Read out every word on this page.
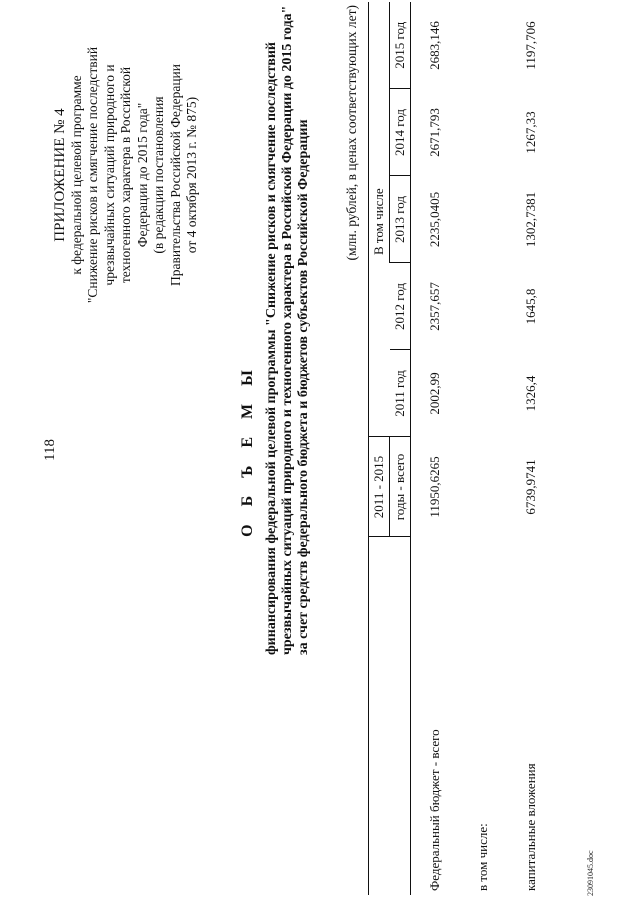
118
ПРИЛОЖЕНИЕ № 4 к федеральной целевой программе "Снижение рисков и смягчение последствий чрезвычайных ситуаций природного и техногенного характера в Российской Федерации до 2015 года" (в редакции постановления Правительства Российской Федерации от 4 октября 2013 г. № 875)
О Б Ъ Е М Ы финансирования федеральной целевой программы "Снижение рисков и смягчение последствий чрезвычайных ситуаций природного и техногенного характера в Российской Федерации до 2015 года" за счет средств федерального бюджета и бюджетов субъектов Российской Федерации (млн. рублей, в ценах соответствующих лет)
	2011 - 2015			В том числе		
	годы - всего	2011 год	2012 год	2013 год	2014 год	2015 год
Федеральный бюджет - всего	11950,6265	2002,99	2357,657	2235,0405	2671,793	2683,146
в том числе:						
капитальные вложения	6739,9741	1326,4	1645,8	1302,7381	1267,33	1197,706
23091045.doc
